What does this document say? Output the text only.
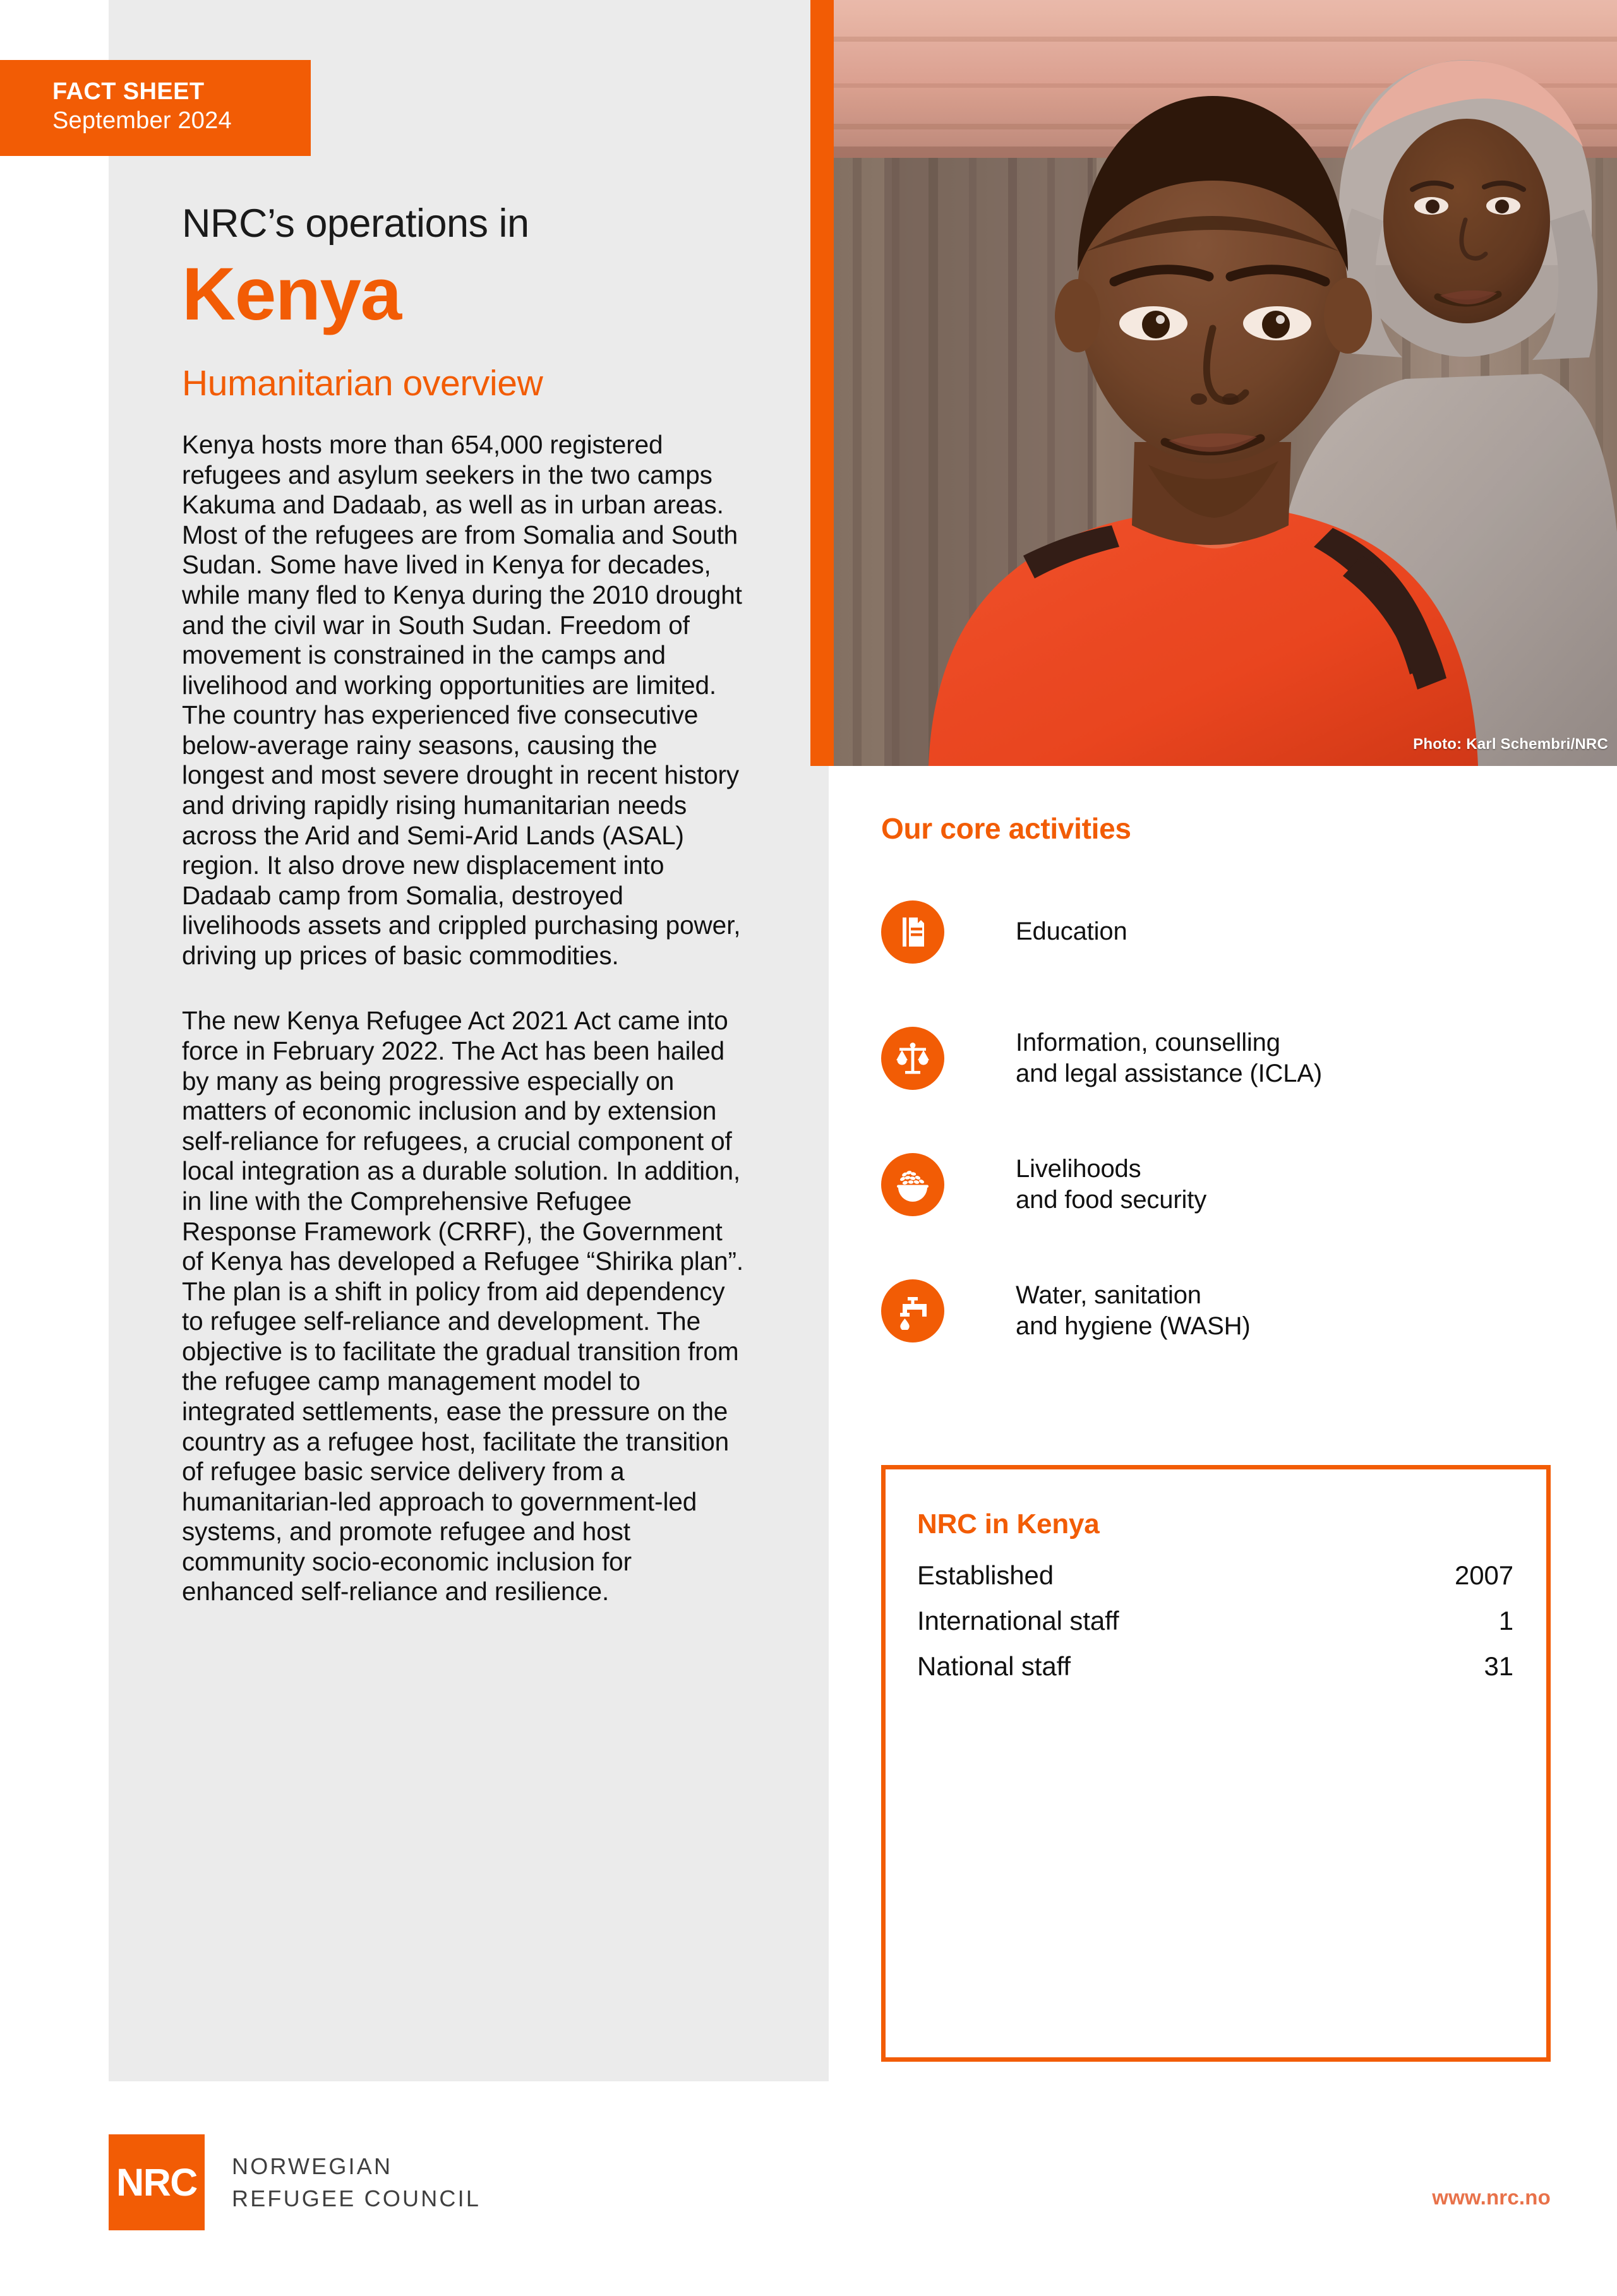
FACT SHEET
September 2024
NRC’s operations in
Kenya
Humanitarian overview

Kenya hosts more than 654,000 registered refugees and asylum seekers in the two camps Kakuma and Dadaab, as well as in urban areas. Most of the refugees are from Somalia and South Sudan. Some have lived in Kenya for decades, while many fled to Kenya during the 2010 drought and the civil war in South Sudan. Freedom of movement is constrained in the camps and livelihood and working opportunities are limited. The country has experienced five consecutive below-average rainy seasons, causing the longest and most severe drought in recent history and driving rapidly rising humanitarian needs across the Arid and Semi-Arid Lands (ASAL) region. It also drove new displacement into Dadaab camp from Somalia, destroyed livelihoods assets and crippled purchasing power, driving up prices of basic commodities.

The new Kenya Refugee Act 2021 Act came into force in February 2022. The Act has been hailed by many as being progressive especially on matters of economic inclusion and by extension self-reliance for refugees, a crucial component of local integration as a durable solution. In addition, in line with the Comprehensive Refugee Response Framework (CRRF), the Government of Kenya has developed a Refugee “Shirika plan”. The plan is a shift in policy from aid dependency to refugee self-reliance and development. The objective is to facilitate the gradual transition from the refugee camp management model to integrated settlements, ease the pressure on the country as a refugee host, facilitate the transition of refugee basic service delivery from a humanitarian-led approach to government-led systems, and promote refugee and host community socio-economic inclusion for enhanced self-reliance and resilience.

Photo: Karl Schembri/NRC
Our core activities
Education
Information, counselling
and legal assistance (ICLA)
Livelihoods
and food security
Water, sanitation
and hygiene (WASH)
NRC in Kenya
Established	2007
International staff	1
National staff	31
NRC	NORWEGIAN
REFUGEE COUNCIL	www.nrc.no
